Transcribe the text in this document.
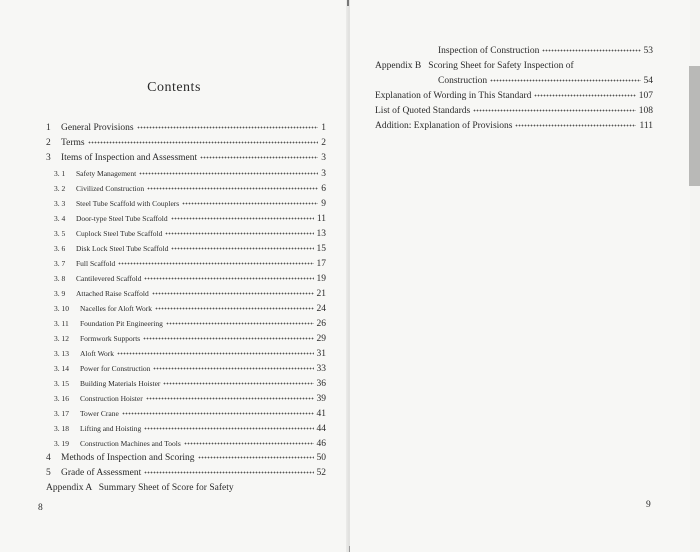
Contents
1	General Provisions	1
2	Terms	2
3	Items of Inspection and Assessment	3
3. 1	Safety Management	3
3. 2	Civilized Construction	6
3. 3	Steel Tube Scaffold with Couplers	9
3. 4	Door-type Steel Tube Scaffold	11
3. 5	Cuplock Steel Tube Scaffold	13
3. 6	Disk Lock Steel Tube Scaffold	15
3. 7	Full Scaffold	17
3. 8	Cantilevered Scaffold	19
3. 9	Attached Raise Scaffold	21
3. 10	Nacelles for Aloft Work	24
3. 11	Foundation Pit Engineering	26
3. 12	Formwork Supports	29
3. 13	Aloft Work	31
3. 14	Power for Construction	33
3. 15	Building Materials Hoister	36
3. 16	Construction Hoister	39
3. 17	Tower Crane	41
3. 18	Lifting and Hoisting	44
3. 19	Construction Machines and Tools	46
4	Methods of Inspection and Scoring	50
5	Grade of Assessment	52
Appendix A   Summary Sheet of Score for Safety
8
Inspection of Construction	53
Appendix B   Scoring Sheet for Safety Inspection of
Construction	54
Explanation of Wording in This Standard	107
List of Quoted Standards	108
Addition: Explanation of Provisions	111
9
